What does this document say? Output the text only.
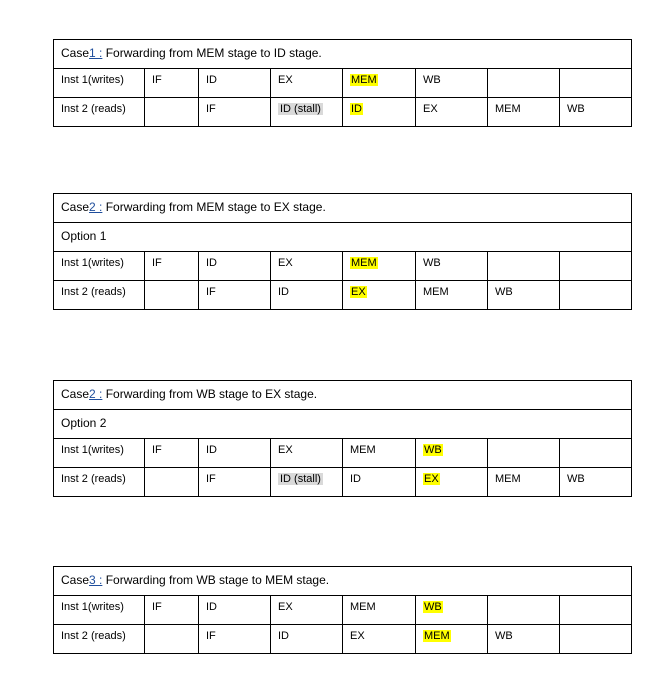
Case1 : Forwarding from MEM stage to ID stage.							
Inst 1(writes)	IF	ID	EX	MEM	WB		
Inst 2 (reads)		IF	ID (stall)	ID	EX	MEM	WB
Case2 : Forwarding from MEM stage to EX stage.							
Option 1							
Inst 1(writes)	IF	ID	EX	MEM	WB		
Inst 2 (reads)		IF	ID	EX	MEM	WB	
Case2 : Forwarding from WB stage to EX stage.							
Option 2							
Inst 1(writes)	IF	ID	EX	MEM	WB		
Inst 2 (reads)		IF	ID (stall)	ID	EX	MEM	WB
Case3 : Forwarding from WB stage to MEM stage.							
Inst 1(writes)	IF	ID	EX	MEM	WB		
Inst 2 (reads)		IF	ID	EX	MEM	WB	
